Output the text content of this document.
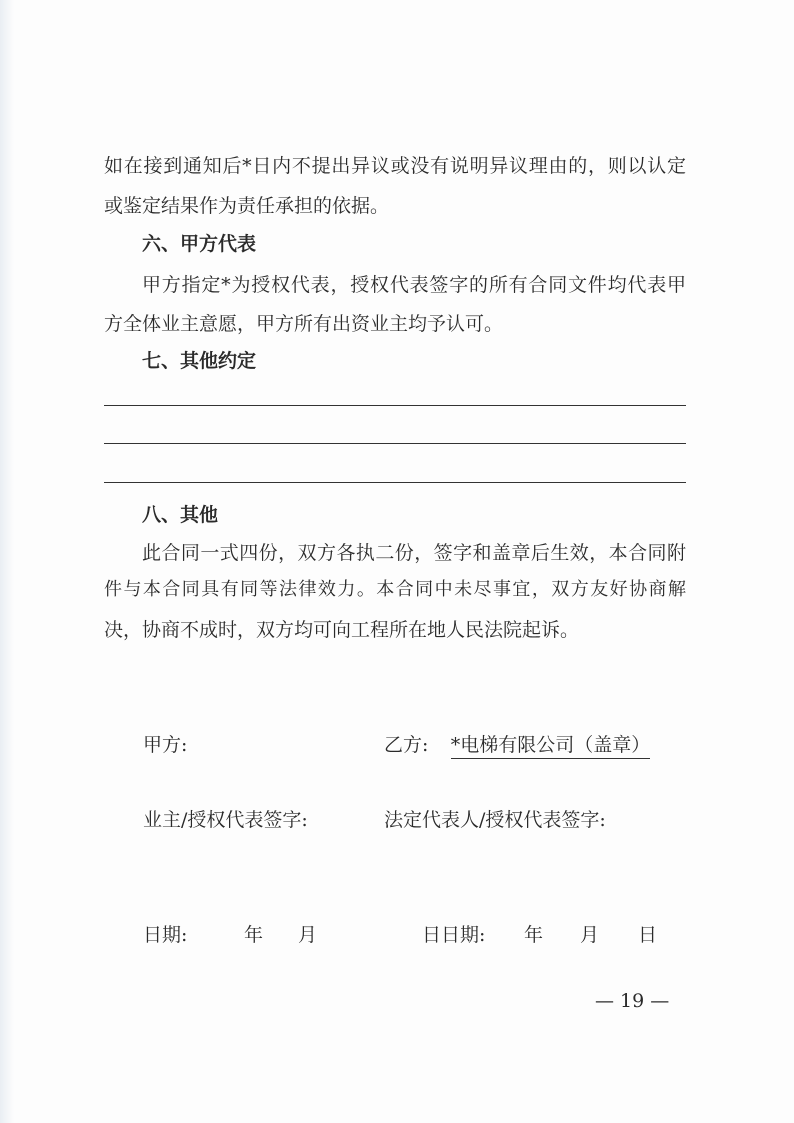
如在接到通知后*日内不提出异议或没有说明异议理由的，则以认定
或鉴定结果作为责任承担的依据。
六、甲方代表
甲方指定*为授权代表，授权代表签字的所有合同文件均代表甲
方全体业主意愿，甲方所有出资业主均予认可。
七、其他约定
八、其他
此合同一式四份，双方各执二份，签字和盖章后生效，本合同附
件与本合同具有同等法律效力。本合同中未尽事宜，双方友好协商解
决，协商不成时，双方均可向工程所在地人民法院起诉。
甲方:	乙方:	*电梯有限公司（盖章）
业主/授权代表签字:	法定代表人/授权代表签字:
日期:	年 月	日日期: 年 月 日
— 19 —
